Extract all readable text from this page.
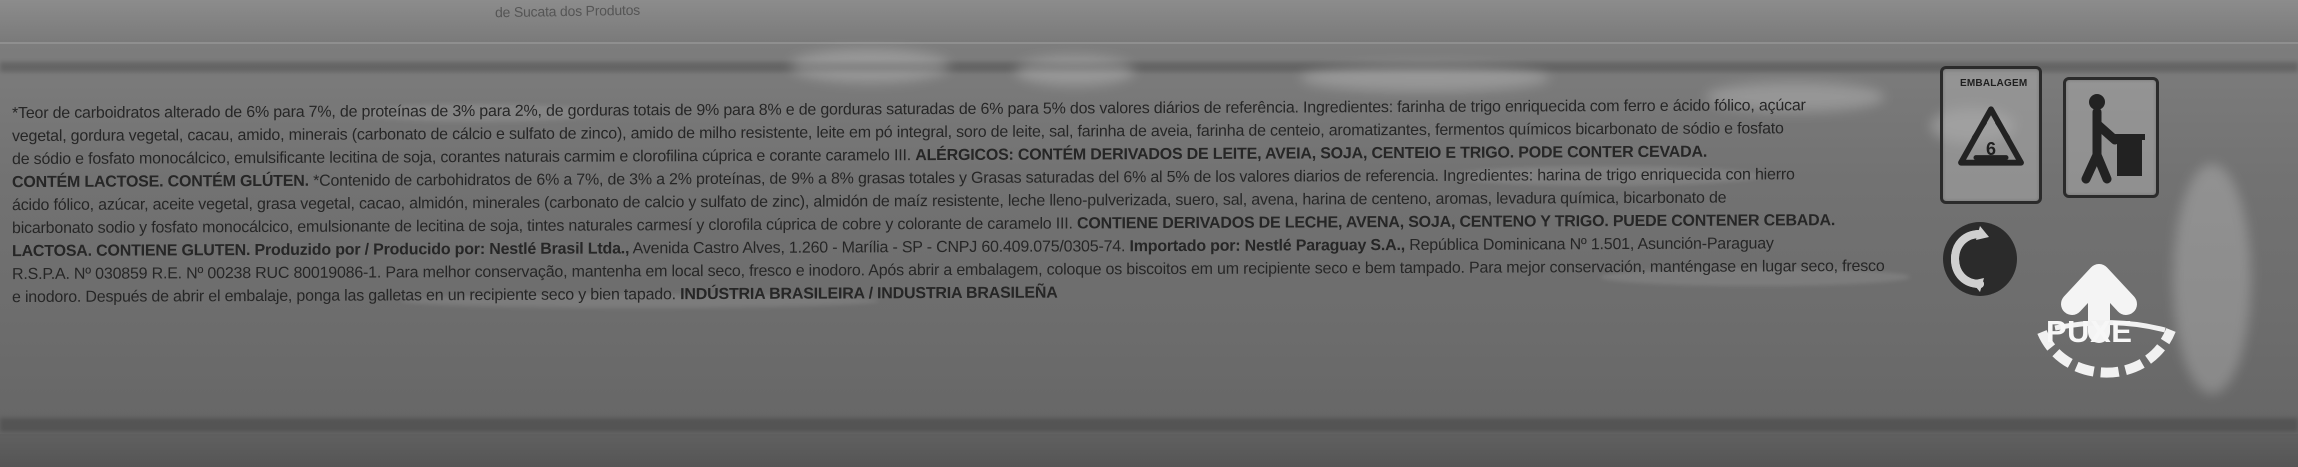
de Sucata dos Produtos
*Teor de carboidratos alterado de 6% para 7%, de proteínas de 3% para 2%, de gorduras totais de 9% para 8% e de gorduras saturadas de 6% para 5% dos valores diários de referência. Ingredientes: farinha de trigo enriquecida com ferro e ácido fólico, açúcar
vegetal, gordura vegetal, cacau, amido, minerais (carbonato de cálcio e sulfato de zinco), amido de milho resistente, leite em pó integral, soro de leite, sal, farinha de aveia, farinha de centeio, aromatizantes, fermentos químicos bicarbonato de sódio e fosfato
de sódio e fosfato monocálcico, emulsificante lecitina de soja, corantes naturais carmim e clorofilina cúprica e corante caramelo III. ALÉRGICOS: CONTÉM DERIVADOS DE LEITE, AVEIA, SOJA, CENTEIO E TRIGO. PODE CONTER CEVADA.
CONTÉM LACTOSE. CONTÉM GLÚTEN. *Contenido de carbohidratos de 6% a 7%, de 3% a 2% proteínas, de 9% a 8% grasas totales y Grasas saturadas del 6% al 5% de los valores diarios de referencia. Ingredientes: harina de trigo enriquecida con hierro
ácido fólico, azúcar, aceite vegetal, grasa vegetal, cacao, almidón, minerales (carbonato de calcio y sulfato de zinc), almidón de maíz resistente, leche lleno-pulverizada, suero, sal, avena, harina de centeno, aromas, levadura química, bicarbonato de
bicarbonato sodio y fosfato monocálcico, emulsionante de lecitina de soja, tintes naturales carmesí y clorofila cúprica de cobre y colorante de caramelo III. CONTIENE DERIVADOS DE LECHE, AVENA, SOJA, CENTENO Y TRIGO. PUEDE CONTENER CEBADA.
LACTOSA. CONTIENE GLUTEN. Produzido por / Producido por: Nestlé Brasil Ltda., Avenida Castro Alves, 1.260 - Marília - SP - CNPJ 60.409.075/0305-74. Importado por: Nestlé Paraguay S.A., República Dominicana Nº 1.501, Asunción-Paraguay
R.S.P.A. Nº 030859 R.E. Nº 00238 RUC 80019086-1. Para melhor conservação, mantenha em local seco, fresco e inodoro. Após abrir a embalagem, coloque os biscoitos em um recipiente seco e bem tampado. Para mejor conservación, manténgase en lugar seco, fresco
e inodoro. Después de abrir el embalaje, ponga las galletas en un recipiente seco y bien tapado. INDÚSTRIA BRASILEIRA / INDUSTRIA BRASILEÑA
EMBALAGEM
6
PUXE
